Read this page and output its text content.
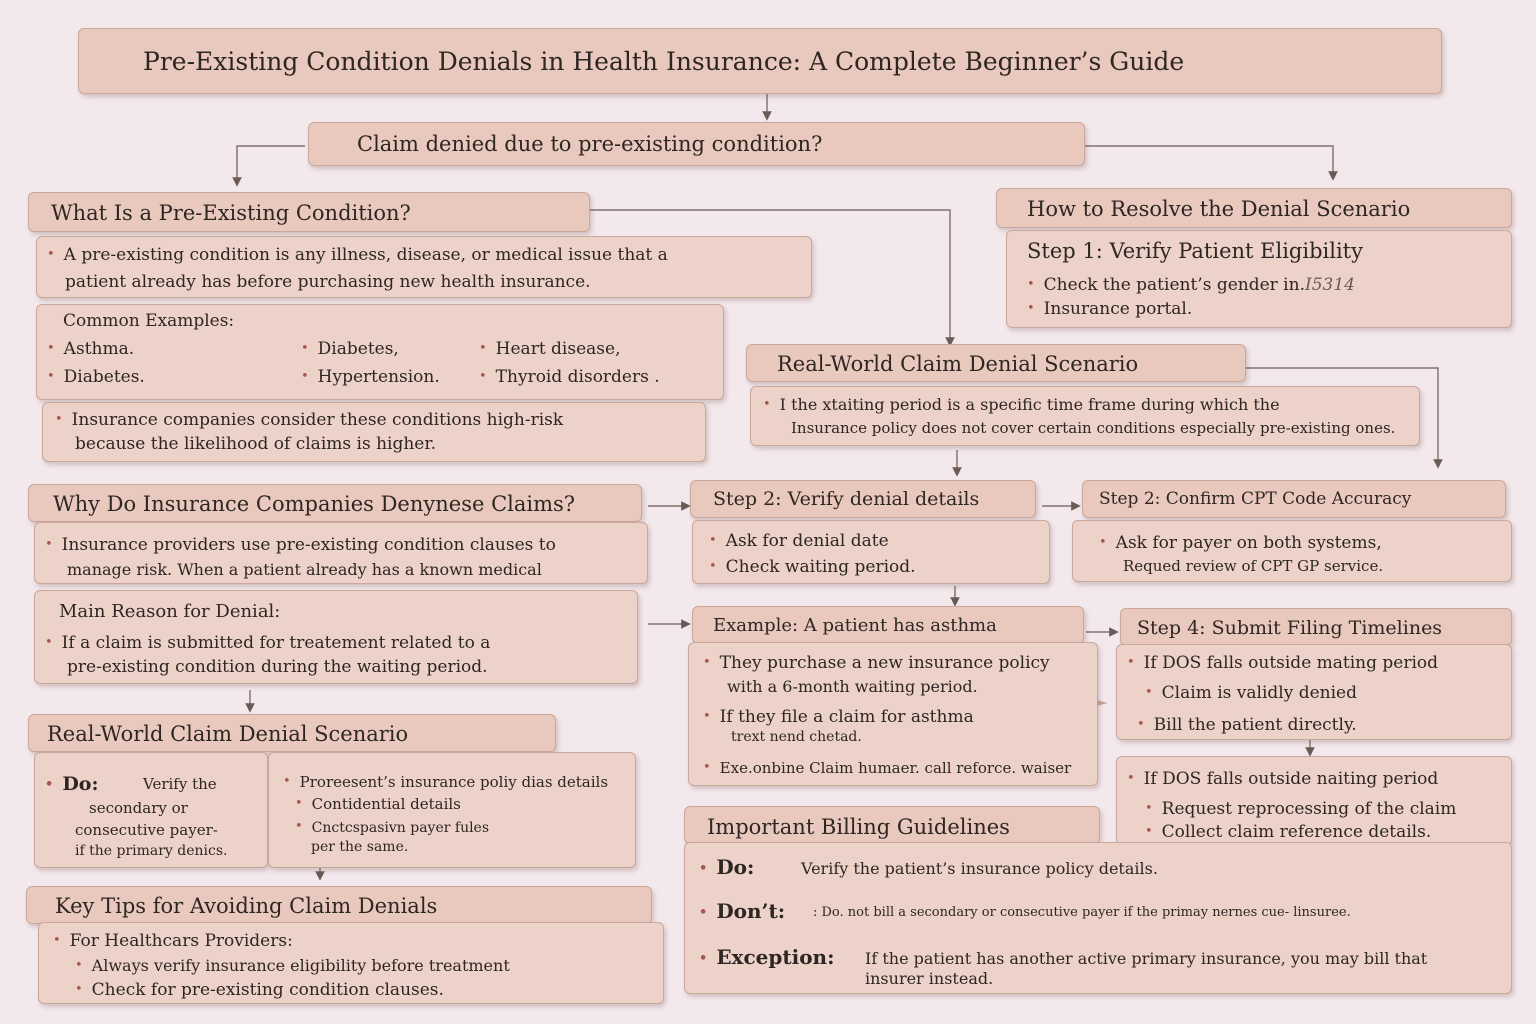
Pre-Existing Condition Denials in Health Insurance: A Complete Beginner’s Guide
Claim denied due to pre-existing condition?
What Is a Pre-Existing Condition?
• A pre-existing condition is any illness, disease, or medical issue that a
patient already has before purchasing new health insurance.
Common Examples:
• Asthma.	• Diabetes,	• Heart disease,
• Diabetes.	• Hypertension.	• Thyroid disorders .
• Insurance companies consider these conditions high-risk
because the likelihood of claims is higher.
How to Resolve the Denial Scenario
Step 1: Verify Patient Eligibility
• Check the patient’s gender in.I5314
• Insurance portal.
Real-World Claim Denial Scenario
• I the xtaiting period is a specific time frame during which the
Insurance policy does not cover certain conditions especially pre-existing ones.
Why Do Insurance Companies Denynese Claims?
• Insurance providers use pre-existing condition clauses to
manage risk. When a patient already has a known medical
Main Reason for Denial:
• If a claim is submitted for treatement related to a
pre-existing condition during the waiting period.
Step 2: Verify denial details
• Ask for denial date
• Check waiting period.
Step 2: Confirm CPT Code Accuracy
• Ask for payer on both systems,
Requed review of CPT GP service.
Example: A patient has asthma
• They purchase a new insurance policy
with a 6-month waiting period.
• If they file a claim for asthma
trext nend chetad.
• Exe.onbine Claim humaer. call reforce. waiser
Step 4: Submit Filing Timelines
• If DOS falls outside mating period
• Claim is validly denied
• Bill the patient directly.
• If DOS falls outside naiting period
• Request reprocessing of the claim
• Collect claim reference details.
Real-World Claim Denial Scenario
• Do:	Verify the
secondary or
consecutive payer-
if the primary denics.
• Proreesent’s insurance poliy dias details
• Contidential details
• Cnctcspasivn payer fules
per the same.
Key Tips for Avoiding Claim Denials
• For Healthcars Providers:
• Always verify insurance eligibility before treatment
• Check for pre-existing condition clauses.
Important Billing Guidelines
• Do:	Verify the patient’s insurance policy details.
• Don’t: : Do. not bill a secondary or consecutive payer if the primay nernes cue- linsuree.
• Exception: If the patient has another active primary insurance, you may bill that
insurer instead.
